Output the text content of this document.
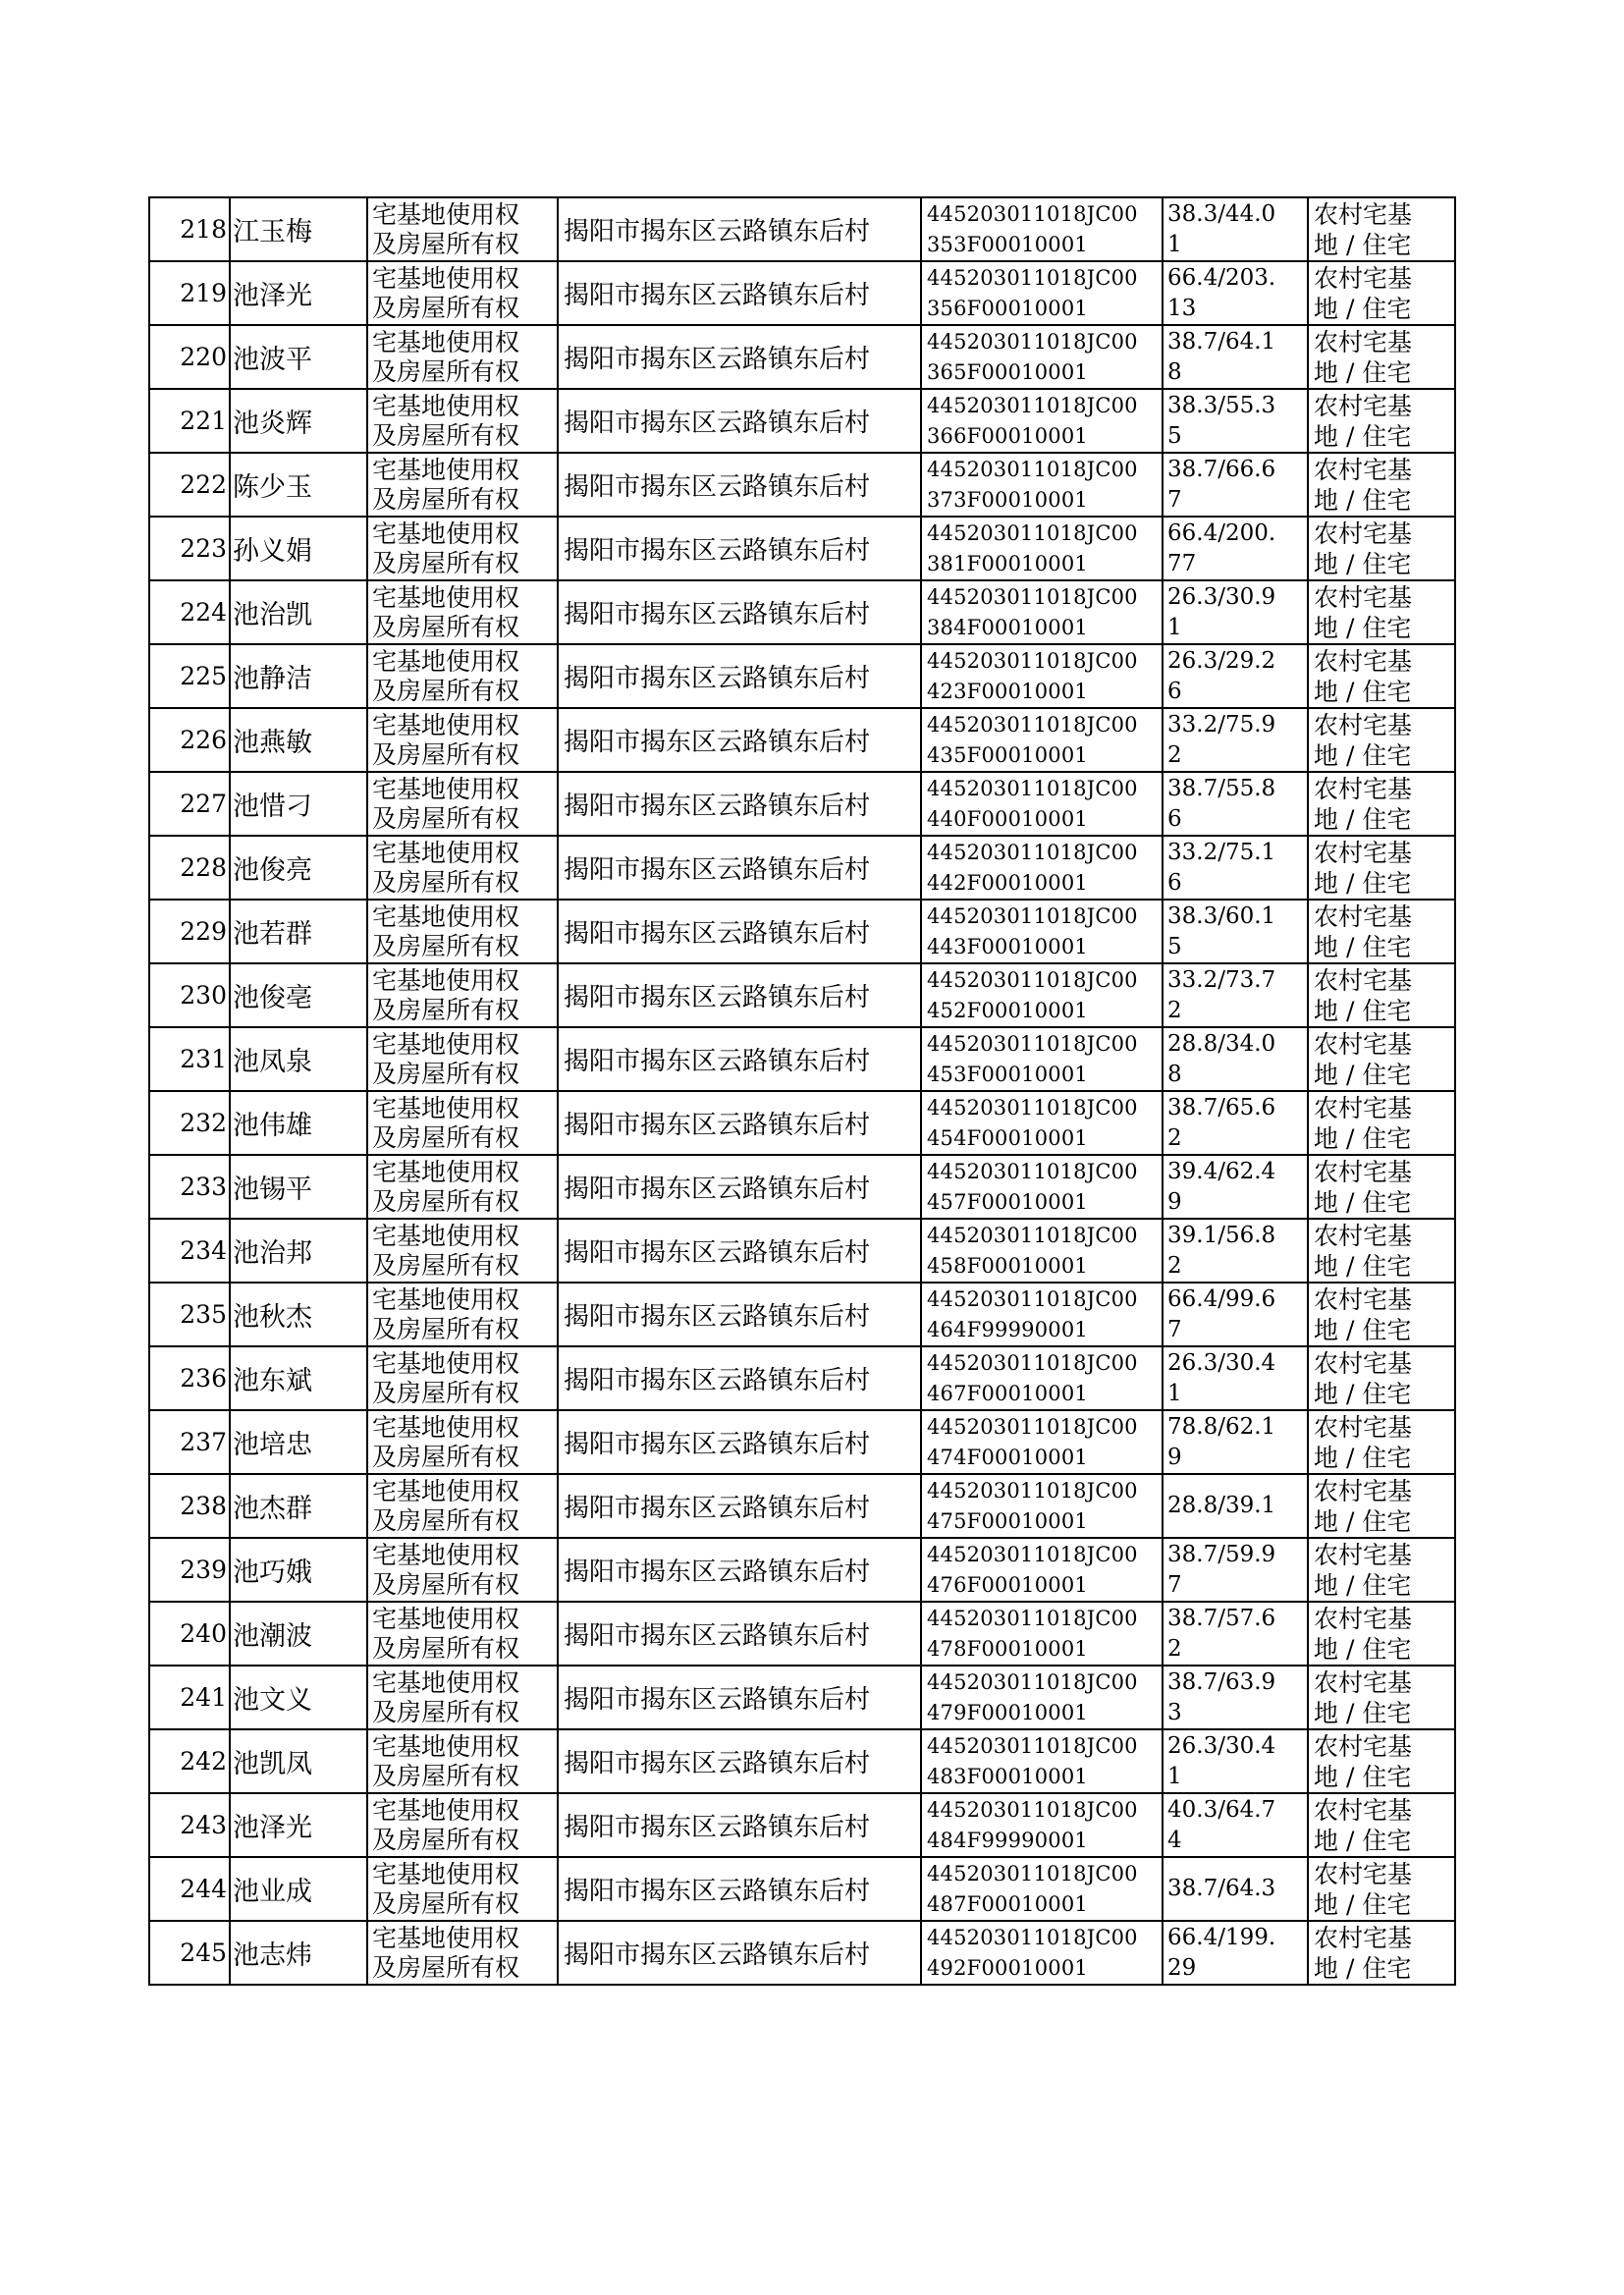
218	江玉梅	宅基地使用权
及房屋所有权	揭阳市揭东区云路镇东后村	445203011018JC00
353F00010001	38.3/44.0
1	农村宅基
地 / 住宅

219	池泽光	宅基地使用权
及房屋所有权	揭阳市揭东区云路镇东后村	445203011018JC00
356F00010001	66.4/203.
13	农村宅基
地 / 住宅

220	池波平	宅基地使用权
及房屋所有权	揭阳市揭东区云路镇东后村	445203011018JC00
365F00010001	38.7/64.1
8	农村宅基
地 / 住宅

221	池炎辉	宅基地使用权
及房屋所有权	揭阳市揭东区云路镇东后村	445203011018JC00
366F00010001	38.3/55.3
5	农村宅基
地 / 住宅

222	陈少玉	宅基地使用权
及房屋所有权	揭阳市揭东区云路镇东后村	445203011018JC00
373F00010001	38.7/66.6
7	农村宅基
地 / 住宅

223	孙义娟	宅基地使用权
及房屋所有权	揭阳市揭东区云路镇东后村	445203011018JC00
381F00010001	66.4/200.
77	农村宅基
地 / 住宅

224	池治凯	宅基地使用权
及房屋所有权	揭阳市揭东区云路镇东后村	445203011018JC00
384F00010001	26.3/30.9
1	农村宅基
地 / 住宅

225	池静洁	宅基地使用权
及房屋所有权	揭阳市揭东区云路镇东后村	445203011018JC00
423F00010001	26.3/29.2
6	农村宅基
地 / 住宅

226	池燕敏	宅基地使用权
及房屋所有权	揭阳市揭东区云路镇东后村	445203011018JC00
435F00010001	33.2/75.9
2	农村宅基
地 / 住宅

227	池惜刁	宅基地使用权
及房屋所有权	揭阳市揭东区云路镇东后村	445203011018JC00
440F00010001	38.7/55.8
6	农村宅基
地 / 住宅

228	池俊亮	宅基地使用权
及房屋所有权	揭阳市揭东区云路镇东后村	445203011018JC00
442F00010001	33.2/75.1
6	农村宅基
地 / 住宅

229	池若群	宅基地使用权
及房屋所有权	揭阳市揭东区云路镇东后村	445203011018JC00
443F00010001	38.3/60.1
5	农村宅基
地 / 住宅

230	池俊亳	宅基地使用权
及房屋所有权	揭阳市揭东区云路镇东后村	445203011018JC00
452F00010001	33.2/73.7
2	农村宅基
地 / 住宅

231	池凤泉	宅基地使用权
及房屋所有权	揭阳市揭东区云路镇东后村	445203011018JC00
453F00010001	28.8/34.0
8	农村宅基
地 / 住宅

232	池伟雄	宅基地使用权
及房屋所有权	揭阳市揭东区云路镇东后村	445203011018JC00
454F00010001	38.7/65.6
2	农村宅基
地 / 住宅

233	池锡平	宅基地使用权
及房屋所有权	揭阳市揭东区云路镇东后村	445203011018JC00
457F00010001	39.4/62.4
9	农村宅基
地 / 住宅

234	池治邦	宅基地使用权
及房屋所有权	揭阳市揭东区云路镇东后村	445203011018JC00
458F00010001	39.1/56.8
2	农村宅基
地 / 住宅

235	池秋杰	宅基地使用权
及房屋所有权	揭阳市揭东区云路镇东后村	445203011018JC00
464F99990001	66.4/99.6
7	农村宅基
地 / 住宅

236	池东斌	宅基地使用权
及房屋所有权	揭阳市揭东区云路镇东后村	445203011018JC00
467F00010001	26.3/30.4
1	农村宅基
地 / 住宅

237	池培忠	宅基地使用权
及房屋所有权	揭阳市揭东区云路镇东后村	445203011018JC00
474F00010001	78.8/62.1
9	农村宅基
地 / 住宅

238	池杰群	宅基地使用权
及房屋所有权	揭阳市揭东区云路镇东后村	445203011018JC00
475F00010001	28.8/39.1	农村宅基
地 / 住宅

239	池巧娥	宅基地使用权
及房屋所有权	揭阳市揭东区云路镇东后村	445203011018JC00
476F00010001	38.7/59.9
7	农村宅基
地 / 住宅

240	池潮波	宅基地使用权
及房屋所有权	揭阳市揭东区云路镇东后村	445203011018JC00
478F00010001	38.7/57.6
2	农村宅基
地 / 住宅

241	池文义	宅基地使用权
及房屋所有权	揭阳市揭东区云路镇东后村	445203011018JC00
479F00010001	38.7/63.9
3	农村宅基
地 / 住宅

242	池凯凤	宅基地使用权
及房屋所有权	揭阳市揭东区云路镇东后村	445203011018JC00
483F00010001	26.3/30.4
1	农村宅基
地 / 住宅

243	池泽光	宅基地使用权
及房屋所有权	揭阳市揭东区云路镇东后村	445203011018JC00
484F99990001	40.3/64.7
4	农村宅基
地 / 住宅

244	池业成	宅基地使用权
及房屋所有权	揭阳市揭东区云路镇东后村	445203011018JC00
487F00010001	38.7/64.3	农村宅基
地 / 住宅

245	池志炜	宅基地使用权
及房屋所有权	揭阳市揭东区云路镇东后村	445203011018JC00
492F00010001	66.4/199.
29	农村宅基
地 / 住宅
